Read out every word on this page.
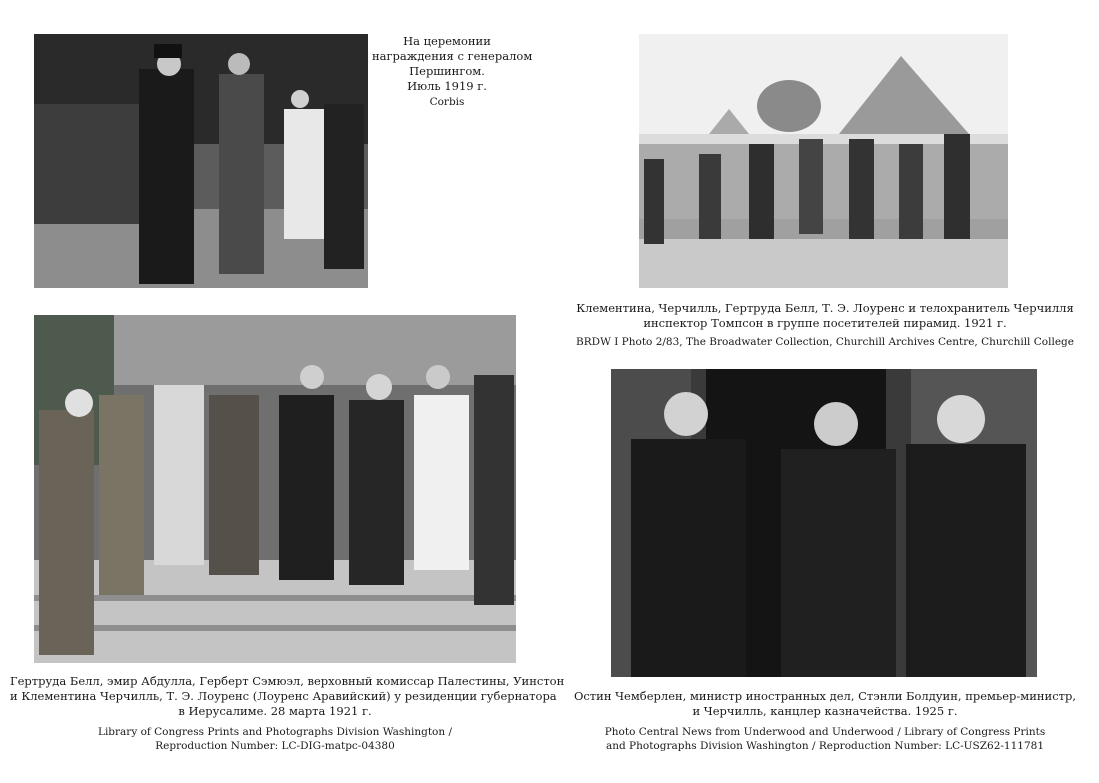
На церемонии
награждения с генералом
Першингом.
Июль 1919 г.
Corbis
Клементина, Черчилль, Гертруда Белл, Т. Э. Лоуренс и телохранитель Черчилля
инспектор Томпсон в группе посетителей пирамид. 1921 г.
BRDW I Photo 2/83, The Broadwater Collection, Churchill Archives Centre, Churchill College
Гертруда Белл, эмир Абдулла, Герберт Сэмюэл, верховный комиссар Палестины, Уинстон
и Клементина Черчилль, Т. Э. Лоуренс (Лоуренс Аравийский) у резиденции губернатора
в Иерусалиме. 28 марта 1921 г.
Library of Congress Prints and Photographs Division Washington /
Reproduction Number: LC-DIG-matpc-04380
Остин Чемберлен, министр иностранных дел, Стэнли Болдуин, премьер-министр,
и Черчилль, канцлер казначейства. 1925 г.
Photo Central News from Underwood and Underwood / Library of Congress Prints
and Photographs Division Washington / Reproduction Number: LC-USZ62-111781
